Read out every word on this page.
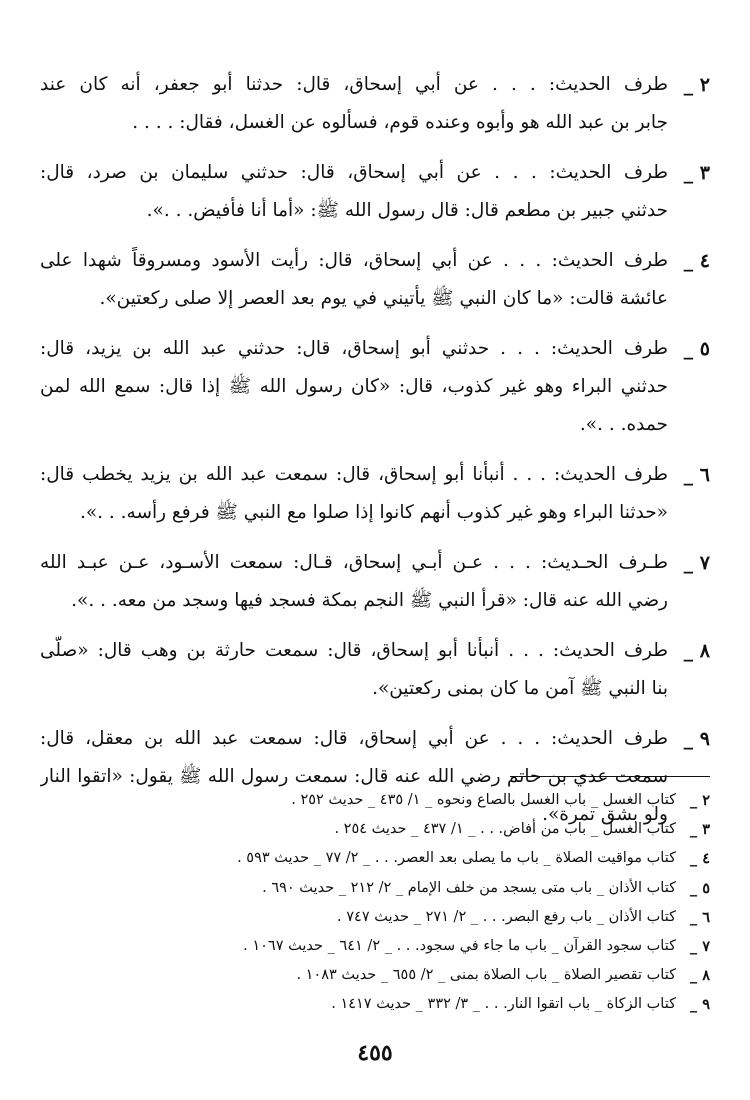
٢ _
طرف الحديث: . . . عن أبي إسحاق، قال: حدثنا أبو جعفر، أنه كان عند
جابر بن عبد الله هو وأبوه وعنده قوم، فسألوه عن الغسل، فقال: . . . .
٣ _
طرف الحديث: . . . عن أبي إسحاق، قال: حدثني سليمان بن صرد، قال:
حدثني جبير بن مطعم قال: قال رسول الله ﷺ: «أما أنا فأفيض. . .».
٤ _
طرف الحديث: . . . عن أبي إسحاق، قال: رأيت الأسود ومسروقاً شهدا على
عائشة قالت: «ما كان النبي ﷺ يأتيني في يوم بعد العصر إلا صلى ركعتين».
٥ _
طرف الحديث: . . . حدثني أبو إسحاق، قال: حدثني عبد الله بن يزيد، قال:
حدثني البراء وهو غير كذوب، قال: «كان رسول الله ﷺ إذا قال: سمع الله لمن
حمده. . .».
٦ _
طرف الحديث: . . . أنبأنا أبو إسحاق، قال: سمعت عبد الله بن يزيد يخطب قال:
«حدثنا البراء وهو غير كذوب أنهم كانوا إذا صلوا مع النبي ﷺ فرفع رأسه. . .».
٧ _
طـرف الحـديث: . . . عـن أبـي إسحاق، قـال: سمعت الأسـود، عـن عبـد الله
رضي الله عنه قال: «قرأ النبي ﷺ النجم بمكة فسجد فيها وسجد من معه. . .».
٨ _
طرف الحديث: . . . أنبأنا أبو إسحاق، قال: سمعت حارثة بن وهب قال: «صلّى
بنا النبي ﷺ آمن ما كان بمنى ركعتين».
٩ _
طرف الحديث: . . . عن أبي إسحاق، قال: سمعت عبد الله بن معقل، قال:
سمعت عدي بن حاتم رضي الله عنه قال: سمعت رسول الله ﷺ يقول: «اتقوا النار
ولو بشق تمرة».
٢ _
كتاب الغسل _ باب الغسل بالصاع ونحوه _ ١/ ٤٣٥ _ حديث ٢٥٢ .
٣ _
كتاب الغسل _ باب من أفاض. . . _ ١/ ٤٣٧ _ حديث ٢٥٤ .
٤ _
كتاب مواقيت الصلاة _ باب ما يصلى بعد العصر. . . _ ٢/ ٧٧ _ حديث ٥٩٣ .
٥ _
كتاب الأذان _ باب متى يسجد من خلف الإمام _ ٢/ ٢١٢ _ حديث ٦٩٠ .
٦ _
كتاب الأذان _ باب رفع البصر. . . _ ٢/ ٢٧١ _ حديث ٧٤٧ .
٧ _
كتاب سجود القرآن _ باب ما جاء في سجود. . . _ ٢/ ٦٤١ _ حديث ١٠٦٧ .
٨ _
كتاب تقصير الصلاة _ باب الصلاة بمنى _ ٢/ ٦٥٥ _ حديث ١٠٨٣ .
٩ _
كتاب الزكاة _ باب اتقوا النار. . . _ ٣/ ٣٣٢ _ حديث ١٤١٧ .
٤٥٥
